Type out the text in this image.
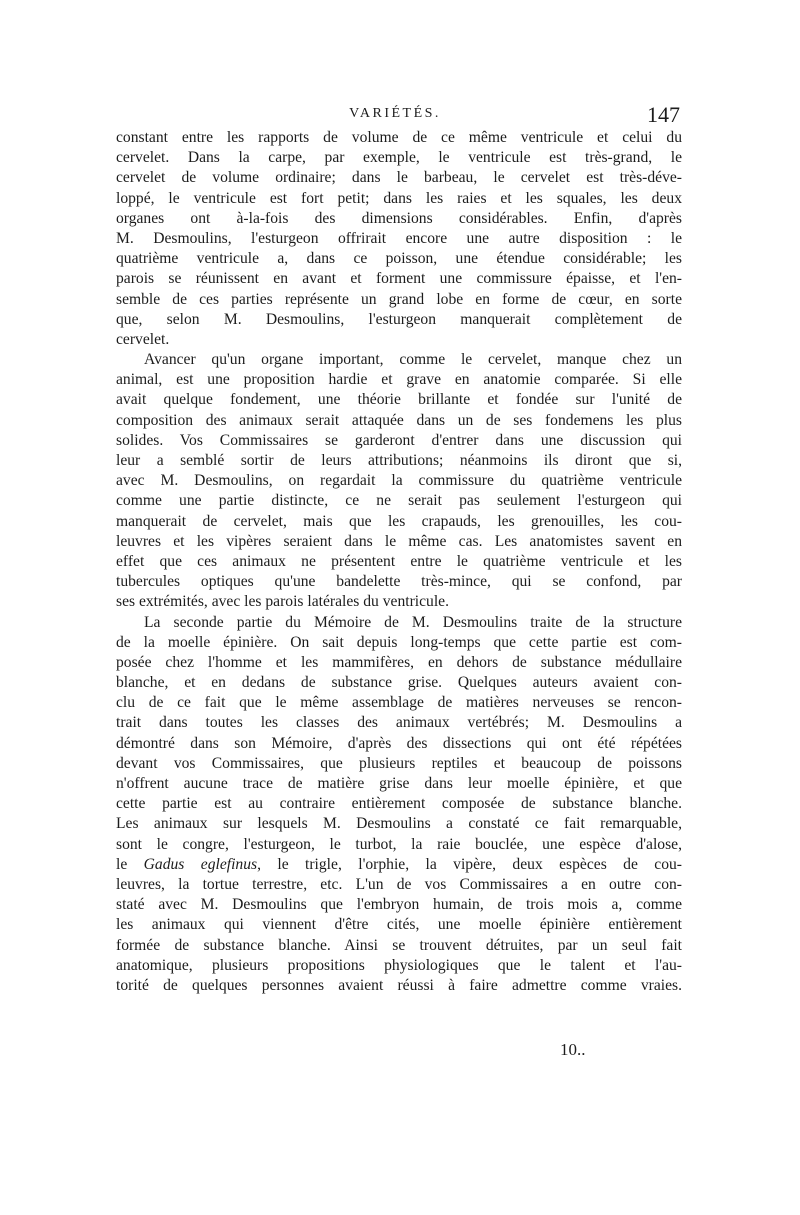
VARIÉTÉS.	147
constant entre les rapports de volume de ce même ventricule et celui du
cervelet. Dans la carpe, par exemple, le ventricule est très-grand, le
cervelet de volume ordinaire; dans le barbeau, le cervelet est très-déve-
loppé, le ventricule est fort petit; dans les raies et les squales, les deux
organes ont à-la-fois des dimensions considérables. Enfin, d'après
M. Desmoulins, l'esturgeon offrirait encore une autre disposition : le
quatrième ventricule a, dans ce poisson, une étendue considérable; les
parois se réunissent en avant et forment une commissure épaisse, et l'en-
semble de ces parties représente un grand lobe en forme de cœur, en sorte
que, selon M. Desmoulins, l'esturgeon manquerait complètement de
cervelet.
Avancer qu'un organe important, comme le cervelet, manque chez un
animal, est une proposition hardie et grave en anatomie comparée. Si elle
avait quelque fondement, une théorie brillante et fondée sur l'unité de
composition des animaux serait attaquée dans un de ses fondemens les plus
solides. Vos Commissaires se garderont d'entrer dans une discussion qui
leur a semblé sortir de leurs attributions; néanmoins ils diront que si,
avec M. Desmoulins, on regardait la commissure du quatrième ventricule
comme une partie distincte, ce ne serait pas seulement l'esturgeon qui
manquerait de cervelet, mais que les crapauds, les grenouilles, les cou-
leuvres et les vipères seraient dans le même cas. Les anatomistes savent en
effet que ces animaux ne présentent entre le quatrième ventricule et les
tubercules optiques qu'une bandelette très-mince, qui se confond, par
ses extrémités, avec les parois latérales du ventricule.
La seconde partie du Mémoire de M. Desmoulins traite de la structure
de la moelle épinière. On sait depuis long-temps que cette partie est com-
posée chez l'homme et les mammifères, en dehors de substance médullaire
blanche, et en dedans de substance grise. Quelques auteurs avaient con-
clu de ce fait que le même assemblage de matières nerveuses se rencon-
trait dans toutes les classes des animaux vertébrés; M. Desmoulins a
démontré dans son Mémoire, d'après des dissections qui ont été répétées
devant vos Commissaires, que plusieurs reptiles et beaucoup de poissons
n'offrent aucune trace de matière grise dans leur moelle épinière, et que
cette partie est au contraire entièrement composée de substance blanche.
Les animaux sur lesquels M. Desmoulins a constaté ce fait remarquable,
sont le congre, l'esturgeon, le turbot, la raie bouclée, une espèce d'alose,
le Gadus eglefinus, le trigle, l'orphie, la vipère, deux espèces de cou-
leuvres, la tortue terrestre, etc. L'un de vos Commissaires a en outre con-
staté avec M. Desmoulins que l'embryon humain, de trois mois a, comme
les animaux qui viennent d'être cités, une moelle épinière entièrement
formée de substance blanche. Ainsi se trouvent détruites, par un seul fait
anatomique, plusieurs propositions physiologiques que le talent et l'au-
torité de quelques personnes avaient réussi à faire admettre comme vraies.
10..
